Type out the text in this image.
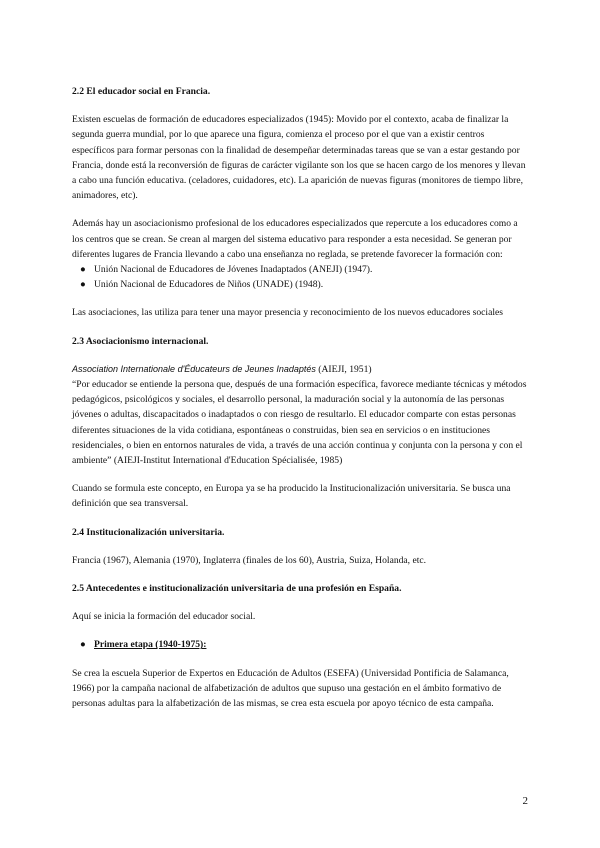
2.2 El educador social en Francia.

Existen escuelas de formación de educadores especializados (1945): Movido por el contexto, acaba de finalizar la segunda guerra mundial, por lo que aparece una figura, comienza el proceso por el que van a existir centros específicos para formar personas con la finalidad de desempeñar determinadas tareas que se van a estar gestando por Francia, donde está la reconversión de figuras de carácter vigilante son los que se hacen cargo de los menores y llevan a cabo una función educativa. (celadores, cuidadores, etc). La aparición de nuevas figuras (monitores de tiempo libre, animadores, etc).

Además hay un asociacionismo profesional de los educadores especializados que repercute a los educadores como a los centros que se crean. Se crean al margen del sistema educativo para responder a esta necesidad. Se generan por diferentes lugares de Francia llevando a cabo una enseñanza no reglada, se pretende favorecer la formación con:

● Unión Nacional de Educadores de Jóvenes Inadaptados (ANEJI) (1947).
● Unión Nacional de Educadores de Niños (UNADE) (1948).

Las asociaciones, las utiliza para tener una mayor presencia y reconocimiento de los nuevos educadores sociales

2.3 Asociacionismo internacional.

Association Internationale d'Éducateurs de Jeunes Inadaptés (AIEJI, 1951)

“Por educador se entiende la persona que, después de una formación específica, favorece mediante técnicas y métodos pedagógicos, psicológicos y sociales, el desarrollo personal, la maduración social y la autonomía de las personas jóvenes o adultas, discapacitados o inadaptados o con riesgo de resultarlo. El educador comparte con estas personas diferentes situaciones de la vida cotidiana, espontáneas o construidas, bien sea en servicios o en instituciones residenciales, o bien en entornos naturales de vida, a través de una acción continua y conjunta con la persona y con el ambiente” (AIEJI-Institut International d'Education Spécialisée, 1985)

Cuando se formula este concepto, en Europa ya se ha producido la Institucionalización universitaria. Se busca una definición que sea transversal.

2.4 Institucionalización universitaria.

Francia (1967), Alemania (1970), Inglaterra (finales de los 60), Austria, Suiza, Holanda, etc.

2.5 Antecedentes e institucionalización universitaria de una profesión en España.

Aquí se inicia la formación del educador social.

● Primera etapa (1940-1975):

Se crea la escuela Superior de Expertos en Educación de Adultos (ESEFA) (Universidad Pontificia de Salamanca, 1966) por la campaña nacional de alfabetización de adultos que supuso una gestación en el ámbito formativo de personas adultas para la alfabetización de las mismas, se crea esta escuela por apoyo técnico de esta campaña.

2
